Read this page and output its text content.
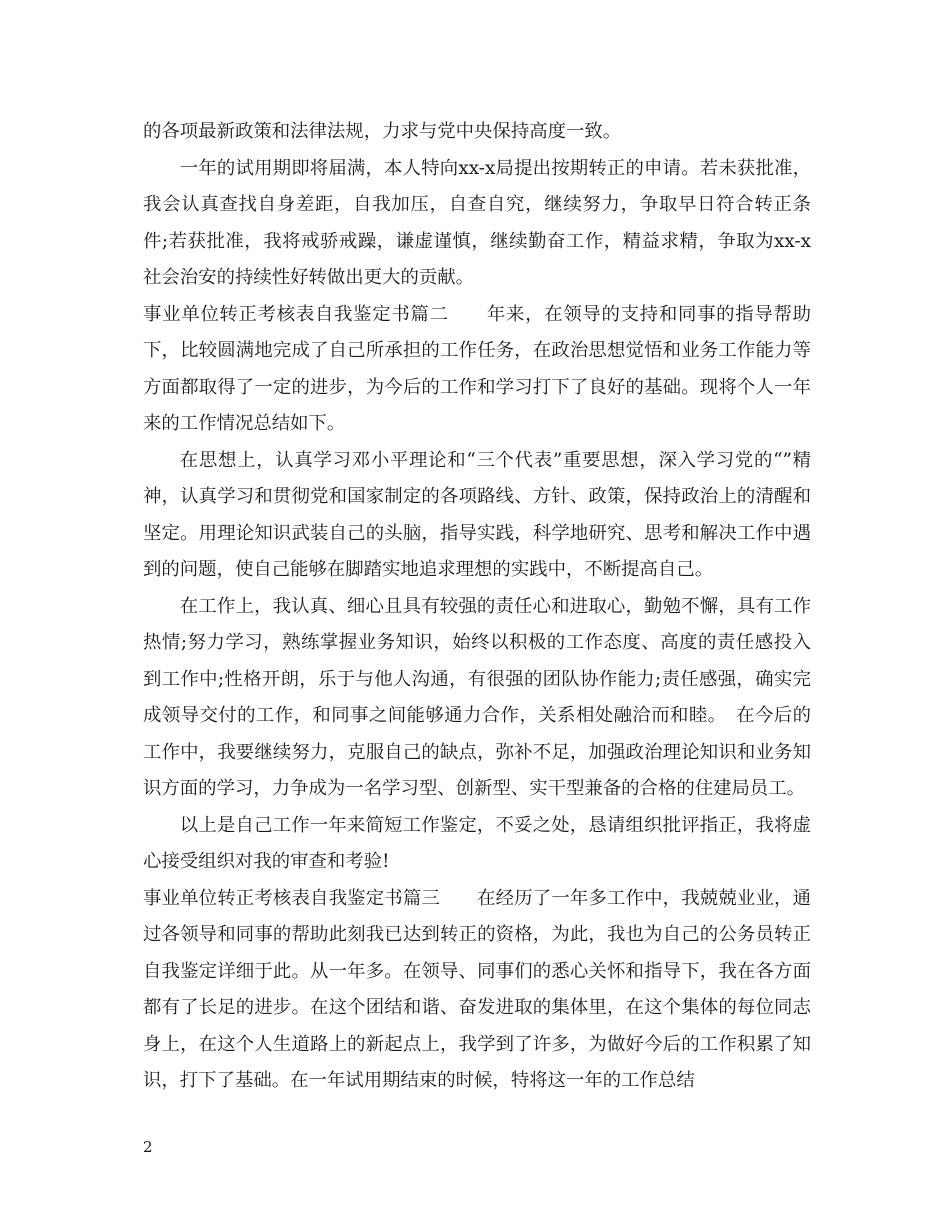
的各项最新政策和法律法规，力求与党中央保持高度一致。

一年的试用期即将届满，本人特向xx-x局提出按期转正的申请。若未获批准，我会认真查找自身差距，自我加压，自查自究，继续努力，争取早日符合转正条件;若获批准，我将戒骄戒躁，谦虚谨慎，继续勤奋工作，精益求精，争取为xx-x社会治安的持续性好转做出更大的贡献。

事业单位转正考核表自我鉴定书篇二　　年来，在领导的支持和同事的指导帮助下，比较圆满地完成了自己所承担的工作任务，在政治思想觉悟和业务工作能力等方面都取得了一定的进步，为今后的工作和学习打下了良好的基础。现将个人一年来的工作情况总结如下。

在思想上，认真学习邓小平理论和“三个代表”重要思想，深入学习党的“”精神，认真学习和贯彻党和国家制定的各项路线、方针、政策，保持政治上的清醒和坚定。用理论知识武装自己的头脑，指导实践，科学地研究、思考和解决工作中遇到的问题，使自己能够在脚踏实地追求理想的实践中，不断提高自己。

在工作上，我认真、细心且具有较强的责任心和进取心，勤勉不懈，具有工作热情;努力学习，熟练掌握业务知识，始终以积极的工作态度、高度的责任感投入到工作中;性格开朗，乐于与他人沟通，有很强的团队协作能力;责任感强，确实完成领导交付的工作，和同事之间能够通力合作，关系相处融洽而和睦。　在今后的工作中，我要继续努力，克服自己的缺点，弥补不足，加强政治理论知识和业务知识方面的学习，力争成为一名学习型、创新型、实干型兼备的合格的住建局员工。

以上是自己工作一年来简短工作鉴定，不妥之处，恳请组织批评指正，我将虚心接受组织对我的审查和考验!

事业单位转正考核表自我鉴定书篇三　　在经历了一年多工作中，我兢兢业业，通过各领导和同事的帮助此刻我已达到转正的资格，为此，我也为自己的公务员转正自我鉴定详细于此。从一年多。在领导、同事们的悉心关怀和指导下，我在各方面都有了长足的进步。在这个团结和谐、奋发进取的集体里，在这个集体的每位同志身上，在这个人生道路上的新起点上，我学到了许多，为做好今后的工作积累了知识，打下了基础。在一年试用期结束的时候，特将这一年的工作总结

2
